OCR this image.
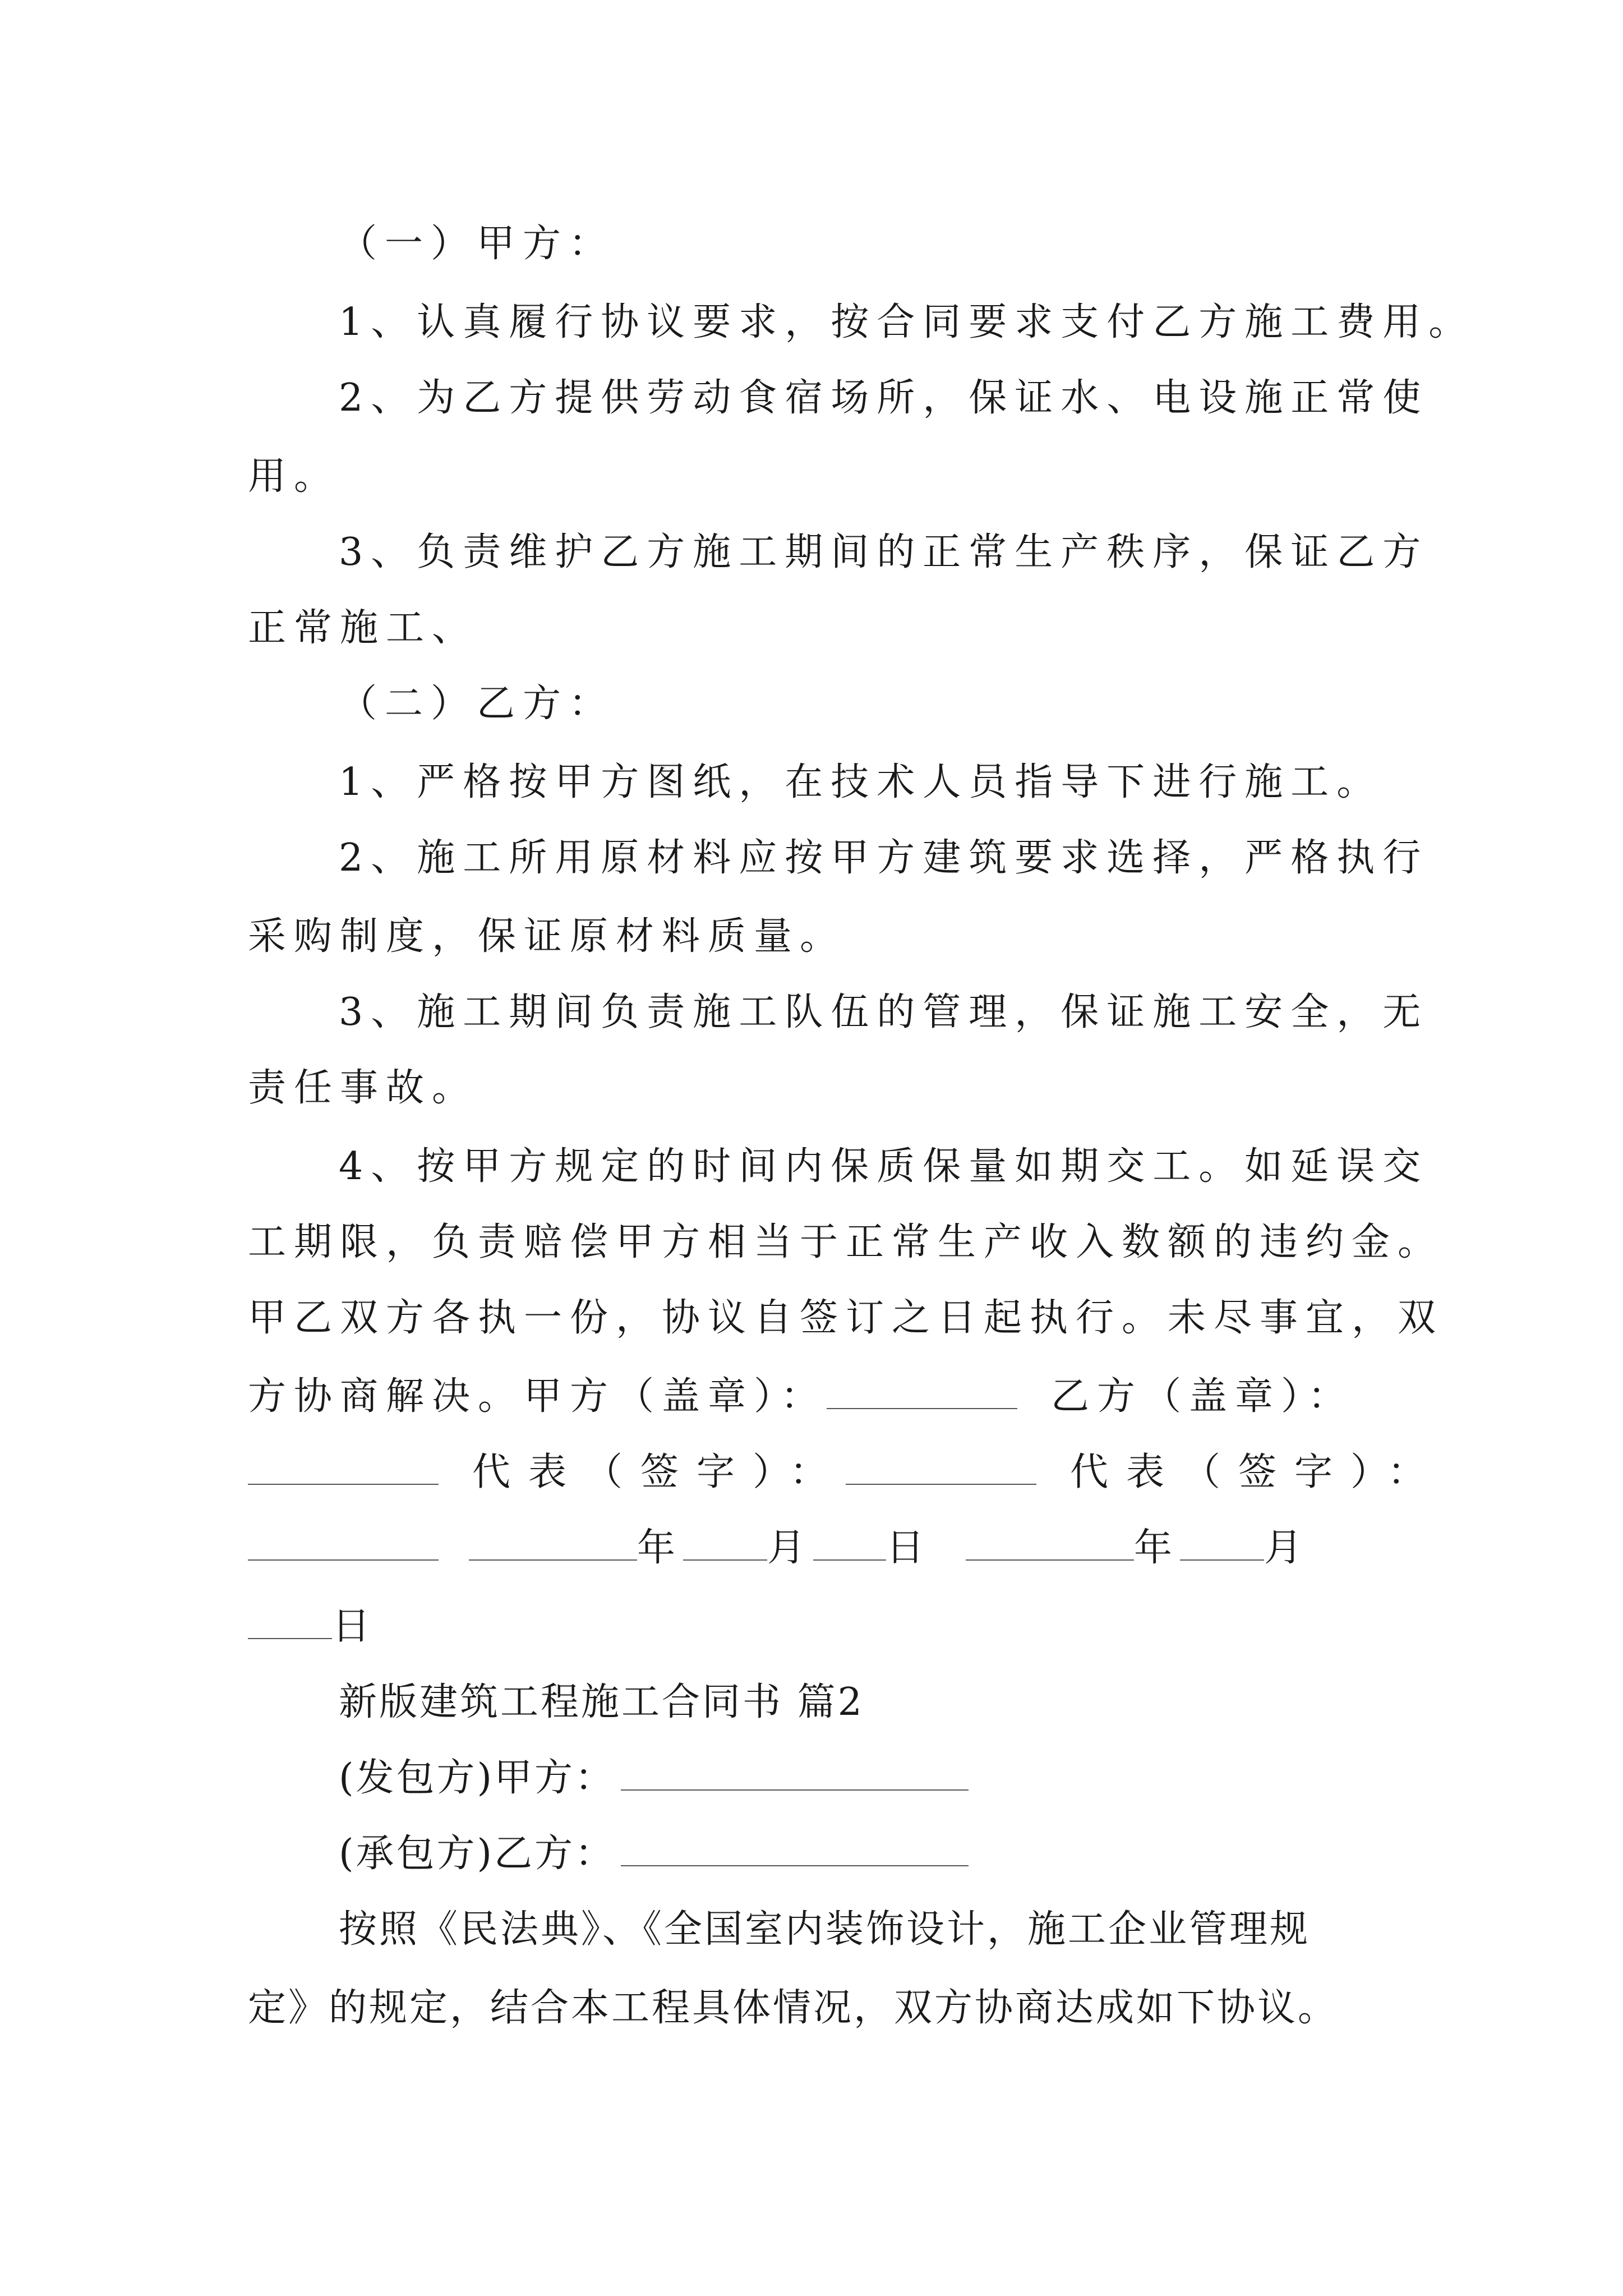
（一）甲方：
1、认真履行协议要求，按合同要求支付乙方施工费用。
2、为乙方提供劳动食宿场所，保证水、电设施正常使
用。
3、负责维护乙方施工期间的正常生产秩序，保证乙方
正常施工、
（二）乙方：
1、严格按甲方图纸，在技术人员指导下进行施工。
2、施工所用原材料应按甲方建筑要求选择，严格执行
采购制度，保证原材料质量。
3、施工期间负责施工队伍的管理，保证施工安全，无
责任事故。
4、按甲方规定的时间内保质保量如期交工。如延误交
工期限，负责赔偿甲方相当于正常生产收入数额的违约金。
甲乙双方各执一份，协议自签订之日起执行。未尽事宜，双
方协商解决。甲方（盖章）：	乙方（盖章）：
代表（签字）：	代表（签字）：
年 月 日	年 月
日
新版建筑工程施工合同书 篇2
(发包方)甲方：
(承包方)乙方：
按照《民法典》、《全国室内装饰设计，施工企业管理规
定》的规定，结合本工程具体情况，双方协商达成如下协议。
